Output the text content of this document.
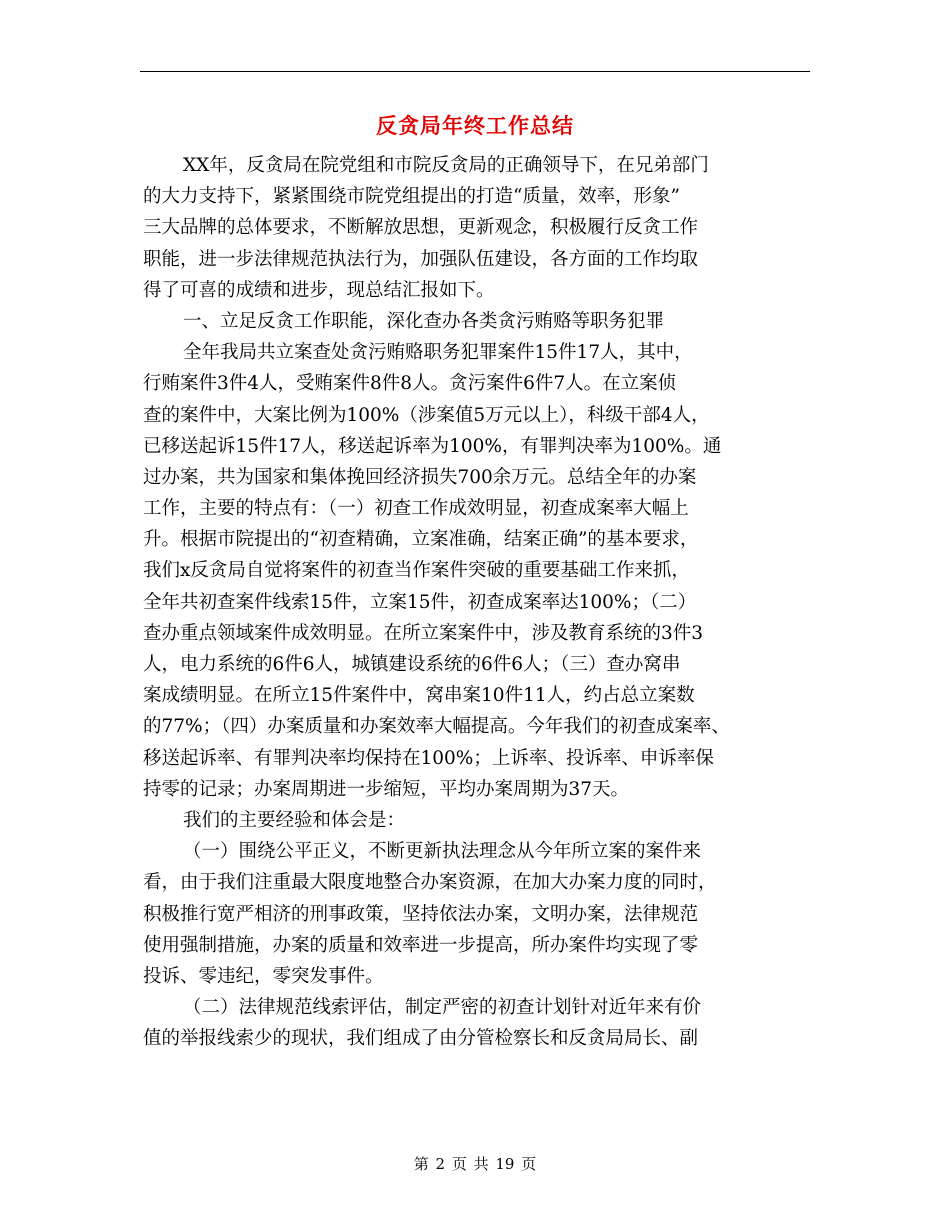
反贪局年终工作总结
XX年，反贪局在院党组和市院反贪局的正确领导下，在兄弟部门
的大力支持下，紧紧围绕市院党组提出的打造“质量，效率，形象”
三大品牌的总体要求，不断解放思想，更新观念，积极履行反贪工作
职能，进一步法律规范执法行为，加强队伍建设，各方面的工作均取
得了可喜的成绩和进步，现总结汇报如下。
一、立足反贪工作职能，深化查办各类贪污贿赂等职务犯罪
全年我局共立案查处贪污贿赂职务犯罪案件15件17人，其中，
行贿案件3件4人，受贿案件8件8人。贪污案件6件7人。在立案侦
查的案件中，大案比例为100%（涉案值5万元以上），科级干部4人，
已移送起诉15件17人，移送起诉率为100%，有罪判决率为100%。通
过办案，共为国家和集体挽回经济损失700余万元。总结全年的办案
工作，主要的特点有：（一）初查工作成效明显，初查成案率大幅上
升。根据市院提出的“初查精确，立案准确，结案正确”的基本要求，
我们x反贪局自觉将案件的初查当作案件突破的重要基础工作来抓，
全年共初查案件线索15件，立案15件，初查成案率达100%；（二）
查办重点领域案件成效明显。在所立案案件中，涉及教育系统的3件3
人，电力系统的6件6人，城镇建设系统的6件6人；（三）查办窝串
案成绩明显。在所立15件案件中，窝串案10件11人，约占总立案数
的77%；（四）办案质量和办案效率大幅提高。今年我们的初查成案率、
移送起诉率、有罪判决率均保持在100%；上诉率、投诉率、申诉率保
持零的记录；办案周期进一步缩短，平均办案周期为37天。
我们的主要经验和体会是：
（一）围绕公平正义，不断更新执法理念从今年所立案的案件来
看，由于我们注重最大限度地整合办案资源，在加大办案力度的同时，
积极推行宽严相济的刑事政策，坚持依法办案，文明办案，法律规范
使用强制措施，办案的质量和效率进一步提高，所办案件均实现了零
投诉、零违纪，零突发事件。
（二）法律规范线索评估，制定严密的初查计划针对近年来有价
值的举报线索少的现状，我们组成了由分管检察长和反贪局局长、副
第 2 页 共 19 页
